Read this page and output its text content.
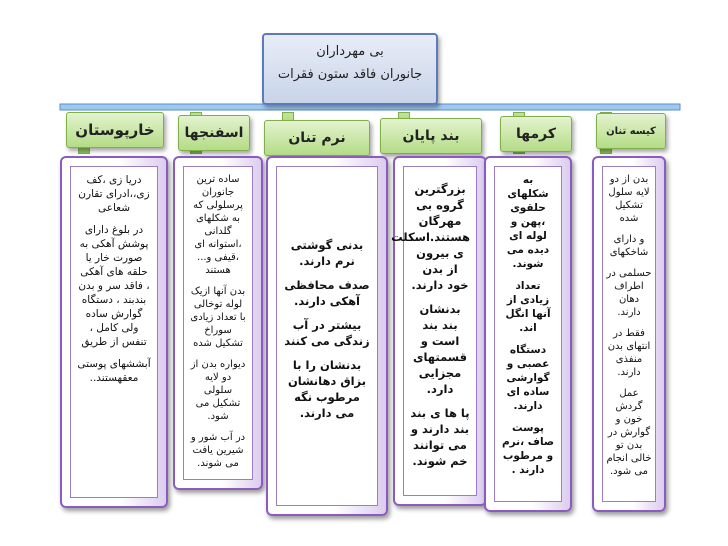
بی مهرداران
جانوران فاقد ستون فقرات
خارپوستان	اسفنجها	نرم تنان	بند پایان	کرمها	کیسه تنان

دریا زی ،کف زی،،اد‌رای تقارن شعاعی

در بلوغ دارای پوشش آهکی به صورت خار یا حلقه های آهکی ، فاقد سر و بدن بندبند ، دستگاه گوارش ساده ولی کامل ، تنفس از طریق

آبششهای پوستی معقهستند..

ساده ترین جانوران پرسلولی که به شکلهای گلدانی ،استوانه ای ،قیفی و... هستند

بدن آنها ازیک لوله توخالی با تعداد زیادی سوراخ تشکیل شده

دیواره بدن از دو لایه سلولی تشکیل می شود.

در آب شور و شیرین یافت می شوند.

بدنی گوشتی نرم دارند.

صدف محافظی آهکی دارند.

بیشتر در آب زندگی می کنند

بدنشان را با بزاق دهانشان مرطوب نگه می دارند.

بزرگترین گروه بی مهرگان هستند.اسکلت ی بیرون از بدن خود دارند.

بدنشان بند بند است و قسمتهای مجزایی دارد.

پا ها ی بند بند دارند و می توانند خم شوند.

به شکلهای حلقوی ،پهن و لوله ای دیده می شوند.

تعداد زیادی از آنها انگل اند.

دستگاه عصبی و گوارشی ساده ای دارند.

پوست صاف ،نرم و مرطوب دارند .

بدن از دو لایه سلول تشکیل شده

و دارای شاخکهای

حسلمی در اطراف دهان دارند.

فقط در انتهای بدن منفذی دارند.

عمل گردش خون و گوارش در بدن تو خالی انجام می شود.
